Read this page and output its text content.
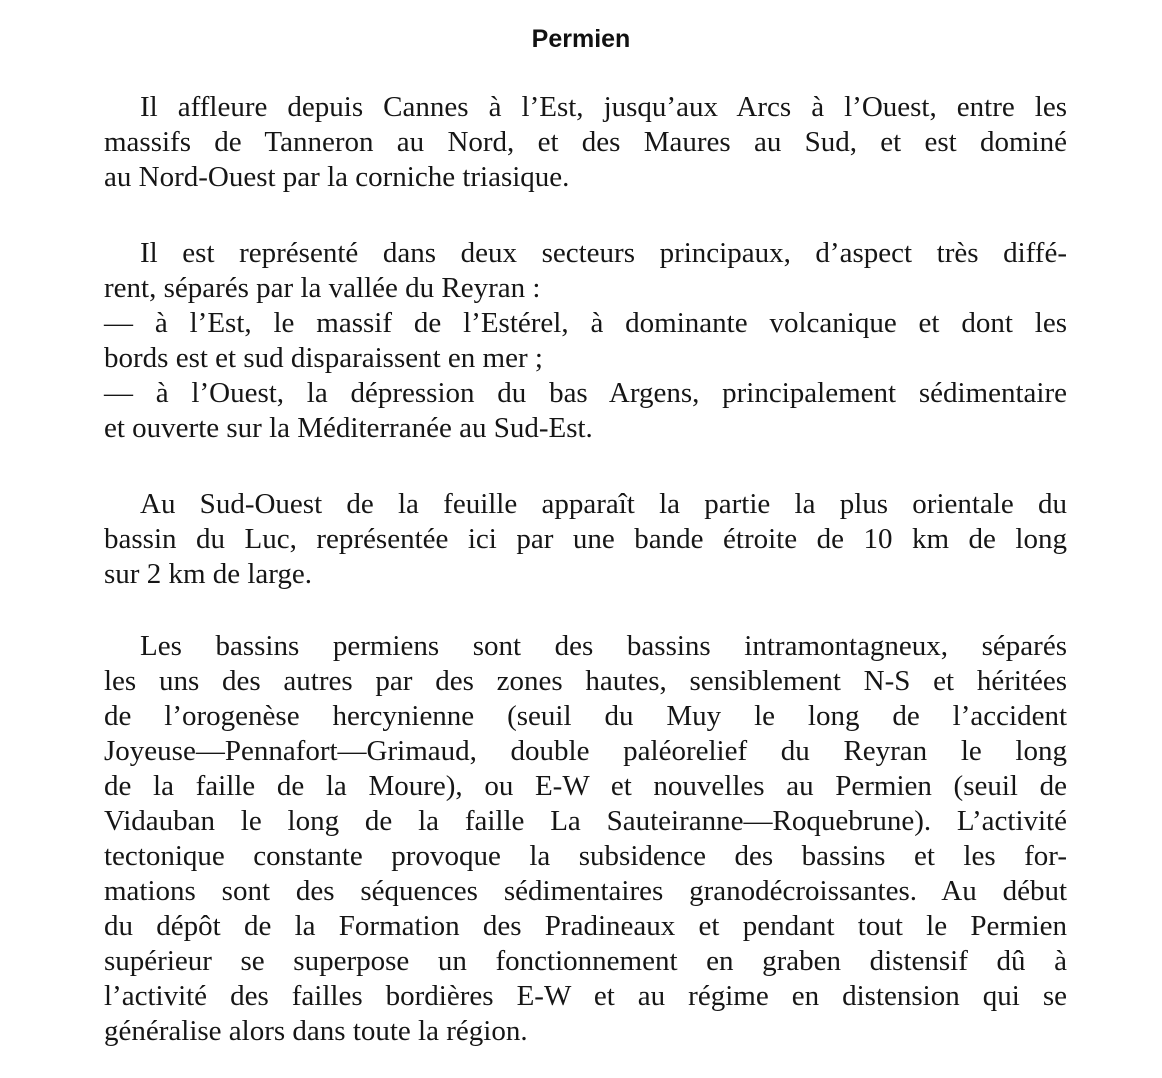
Permien
Il affleure depuis Cannes à l’Est, jusqu’aux Arcs à l’Ouest, entre les
massifs de Tanneron au Nord, et des Maures au Sud, et est dominé
au Nord-Ouest par la corniche triasique.
Il est représenté dans deux secteurs principaux, d’aspect très diffé-
rent, séparés par la vallée du Reyran :
— à l’Est, le massif de l’Estérel, à dominante volcanique et dont les
bords est et sud disparaissent en mer ;
— à l’Ouest, la dépression du bas Argens, principalement sédimentaire
et ouverte sur la Méditerranée au Sud-Est.
Au Sud-Ouest de la feuille apparaît la partie la plus orientale du
bassin du Luc, représentée ici par une bande étroite de 10 km de long
sur 2 km de large.
Les bassins permiens sont des bassins intramontagneux, séparés
les uns des autres par des zones hautes, sensiblement N-S et héritées
de l’orogenèse hercynienne (seuil du Muy le long de l’accident
Joyeuse—Pennafort—Grimaud, double paléorelief du Reyran le long
de la faille de la Moure), ou E-W et nouvelles au Permien (seuil de
Vidauban le long de la faille La Sauteiranne—Roquebrune). L’activité
tectonique constante provoque la subsidence des bassins et les for-
mations sont des séquences sédimentaires granodécroissantes. Au début
du dépôt de la Formation des Pradineaux et pendant tout le Permien
supérieur se superpose un fonctionnement en graben distensif dû à
l’activité des failles bordières E-W et au régime en distension qui se
généralise alors dans toute la région.
